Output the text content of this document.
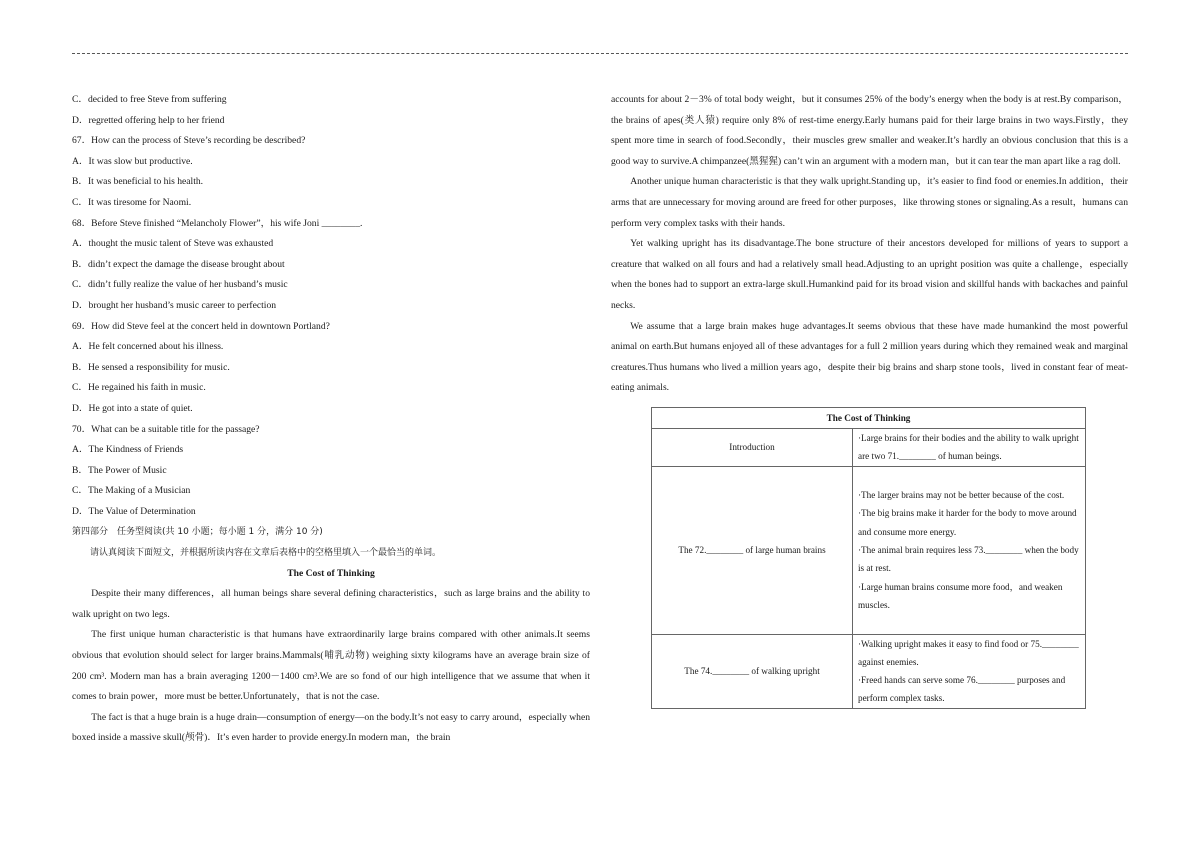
C．decided to free Steve from suffering
D．regretted offering help to her friend
67．How can the process of Steve’s recording be described?
A．It was slow but productive.
B．It was beneficial to his health.
C．It was tiresome for Naomi.
68．Before Steve finished “Melancholy Flower”，his wife Joni ________.
A．thought the music talent of Steve was exhausted
B．didn’t expect the damage the disease brought about
C．didn’t fully realize the value of her husband’s music
D．brought her husband’s music career to perfection
69．How did Steve feel at the concert held in downtown Portland?
A．He felt concerned about his illness.
B．He sensed a responsibility for music.
C．He regained his faith in music.
D．He got into a state of quiet.
70．What can be a suitable title for the passage?
A．The Kindness of Friends
B．The Power of Music
C．The Making of a Musician
D．The Value of Determination
第四部分　任务型阅读(共 10 小题；每小题 1 分，满分 10 分)
请认真阅读下面短文，并根据所读内容在文章后表格中的空格里填入一个最恰当的单词。
The Cost of Thinking

Despite their many differences，all human beings share several defining characteristics，such as large brains and the ability to walk upright on two legs.

The first unique human characteristic is that humans have extraordinarily large brains compared with other animals.It seems obvious that evolution should select for larger brains.Mammals(哺乳动物) weighing sixty kilograms have an average brain size of 200 cm³. Modern man has a brain averaging 1200－1400 cm³.We are so fond of our high intelligence that we assume that when it comes to brain power，more must be better.Unfortunately，that is not the case.

The fact is that a huge brain is a huge drain—consumption of energy—on the body.It’s not easy to carry around，especially when boxed inside a massive skull(颅骨)．It’s even harder to provide energy.In modern man，the brain

accounts for about 2－3% of total body weight，but it consumes 25% of the body’s energy when the body is at rest.By comparison，the brains of apes(类人猿) require only 8% of rest-time energy.Early humans paid for their large brains in two ways.Firstly，they spent more time in search of food.Secondly，their muscles grew smaller and weaker.It’s hardly an obvious conclusion that this is a good way to survive.A chimpanzee(黑猩猩) can’t win an argument with a modern man，but it can tear the man apart like a rag doll.

Another unique human characteristic is that they walk upright.Standing up，it’s easier to find food or enemies.In addition，their arms that are unnecessary for moving around are freed for other purposes，like throwing stones or signaling.As a result，humans can perform very complex tasks with their hands.

Yet walking upright has its disadvantage.The bone structure of their ancestors developed for millions of years to support a creature that walked on all fours and had a relatively small head.Adjusting to an upright position was quite a challenge，especially when the bones had to support an extra-large skull.Humankind paid for its broad vision and skillful hands with backaches and painful necks.

We assume that a large brain makes huge advantages.It seems obvious that these have made humankind the most powerful animal on earth.But humans enjoyed all of these advantages for a full 2 million years during which they remained weak and marginal creatures.Thus humans who lived a million years ago，despite their big brains and sharp stone tools，lived in constant fear of meat-eating animals.

The Cost of Thinking	
Introduction	·Large brains for their bodies and the ability to walk upright are two 71.________ of human beings.

The 72.________ of large human brains	·The larger brains may not be better because of the cost.
·The big brains make it harder for the body to move around and consume more energy.
·The animal brain requires less 73.________ when the body is at rest.
·Large human brains consume more food，and weaken muscles.

The 74.________ of walking upright	·Walking upright makes it easy to find food or 75.________ against enemies.
·Freed hands can serve some 76.________ purposes and perform complex tasks.
